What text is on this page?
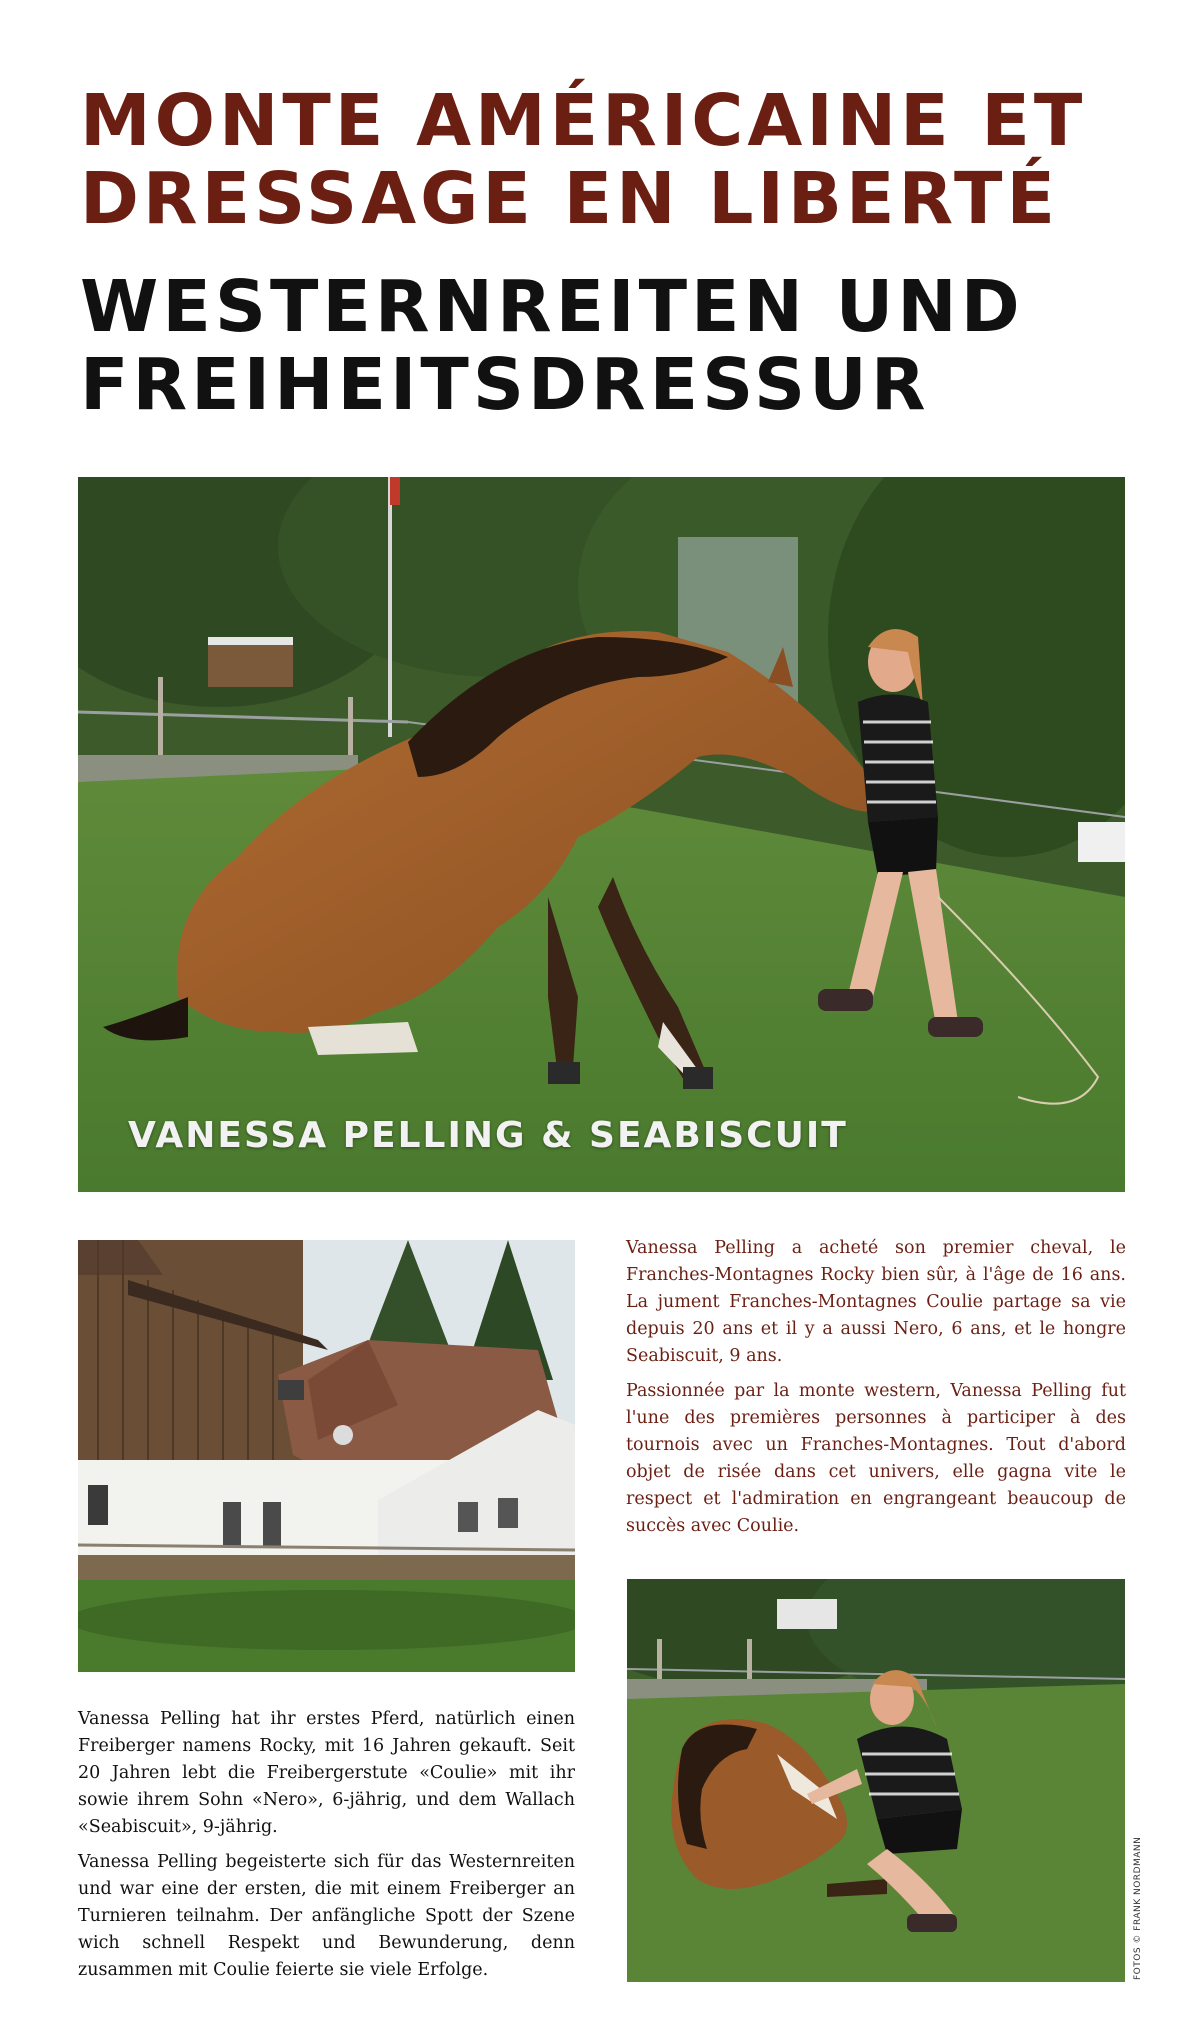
MONTE AMÉRICAINE ET
DRESSAGE EN LIBERTÉ
WESTERNREITEN UND
FREIHEITSDRESSUR
VANESSA PELLING & SEABISCUIT

Vanessa Pelling a acheté son premier cheval, le Franches-Montagnes Rocky bien sûr, à l'âge de 16 ans. La jument Franches-Montagnes Coulie partage sa vie depuis 20 ans et il y a aussi Nero, 6 ans, et le hongre Seabiscuit, 9 ans.

Passionnée par la monte western, Vanessa Pelling fut l'une des premières personnes à participer à des tournois avec un Franches-Montagnes. Tout d'abord objet de risée dans cet univers, elle gagna vite le respect et l'admiration en engrangeant beaucoup de succès avec Coulie.

Vanessa Pelling hat ihr erstes Pferd, natürlich einen Freiberger namens Rocky, mit 16 Jahren gekauft. Seit 20 Jahren lebt die Freibergerstute «Coulie» mit ihr sowie ihrem Sohn «Nero», 6-jährig, und dem Wallach «Seabiscuit», 9-jährig.

Vanessa Pelling begeisterte sich für das Westernreiten und war eine der ersten, die mit einem Freiberger an Turnieren teilnahm. Der anfängliche Spott der Szene wich schnell Respekt und Bewunderung, denn zusammen mit Coulie feierte sie viele Erfolge.	FOTOS © FRANK NORDMANN
